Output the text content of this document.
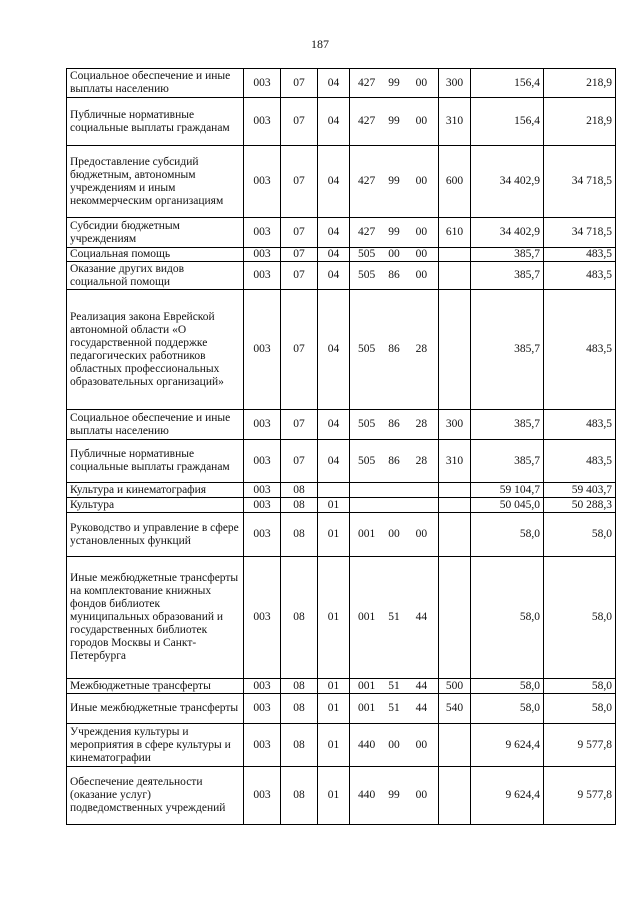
187
Социальное обеспечение и иные выплаты населению	003	07	04	427 99 00	300	156,4	218,9
Публичные нормативные социальные выплаты гражданам	003	07	04	427 99 00	310	156,4	218,9
Предоставление субсидий бюджетным, автономным учреждениям и иным некоммерческим организациям	003	07	04	427 99 00	600	34 402,9	34 718,5
Субсидии бюджетным учреждениям	003	07	04	427 99 00	610	34 402,9	34 718,5
Социальная помощь	003	07	04	505 00 00		385,7	483,5
Оказание других видов социальной помощи	003	07	04	505 86 00		385,7	483,5
Реализация закона Еврейской автономной области «О государственной поддержке педагогических работников областных профессиональных образовательных организаций»	003	07	04	505 86 28		385,7	483,5
Социальное обеспечение и иные выплаты населению	003	07	04	505 86 28	300	385,7	483,5
Публичные нормативные социальные выплаты гражданам	003	07	04	505 86 28	310	385,7	483,5
Культура и кинематография	003	08				59 104,7	59 403,7
Культура	003	08	01			50 045,0	50 288,3
Руководство и управление в сфере установленных функций	003	08	01	001 00 00		58,0	58,0
Иные межбюджетные трансферты на комплектование книжных фондов библиотек муниципальных образований и государственных библиотек городов Москвы и Санкт-Петербурга	003	08	01	001 51 44		58,0	58,0
Межбюджетные трансферты	003	08	01	001 51 44	500	58,0	58,0
Иные межбюджетные трансферты	003	08	01	001 51 44	540	58,0	58,0
Учреждения культуры и мероприятия в сфере культуры и кинематографии	003	08	01	440 00 00		9 624,4	9 577,8
Обеспечение деятельности (оказание услуг) подведомственных учреждений	003	08	01	440 99 00		9 624,4	9 577,8
